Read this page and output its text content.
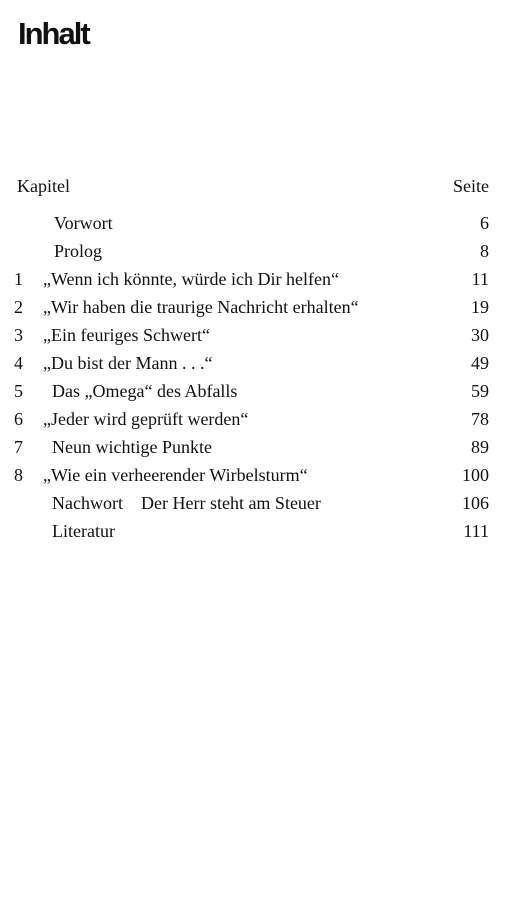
Inhalt
Kapitel	Seite
Vorwort	6
Prolog	8
1 „Wenn ich könnte, würde ich Dir helfen“	11
2 „Wir haben die traurige Nachricht erhalten“	19
3 „Ein feuriges Schwert“	30
4 „Du bist der Mann . . .“	49
5 Das „Omega“ des Abfalls	59
6 „Jeder wird geprüft werden“	78
7 Neun wichtige Punkte	89
8 „Wie ein verheerender Wirbelsturm“	100
Nachwort Der Herr steht am Steuer	106
Literatur	111
